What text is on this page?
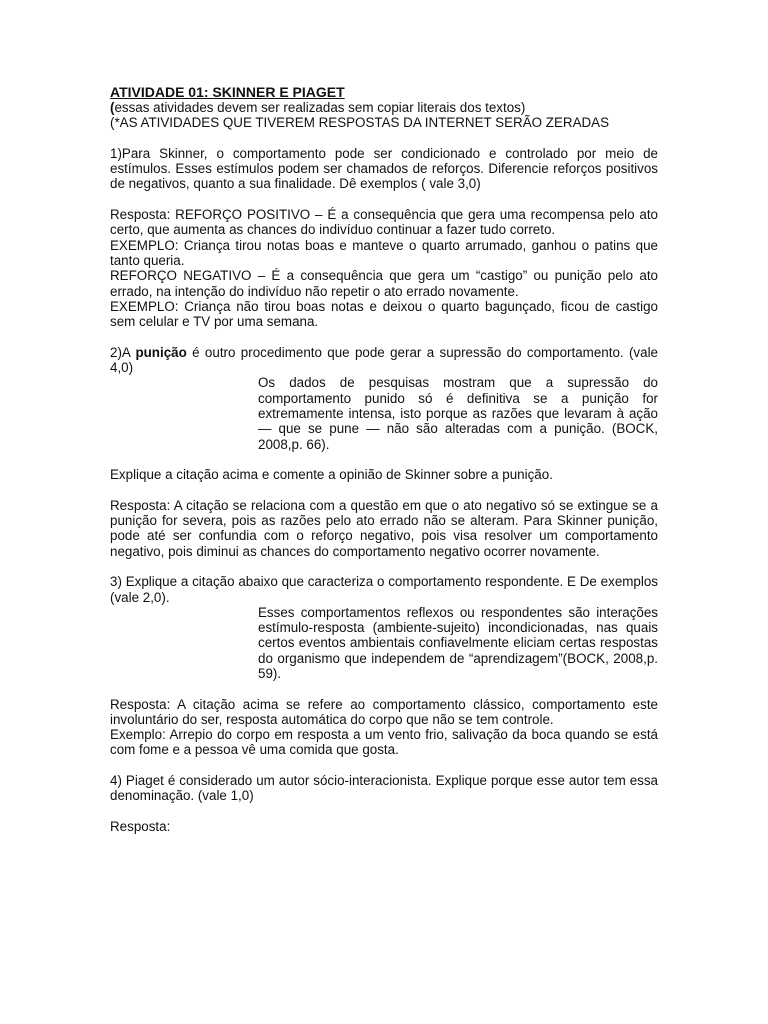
ATIVIDADE 01: SKINNER E PIAGET

(essas atividades devem ser realizadas sem copiar literais dos textos)

(*AS ATIVIDADES QUE TIVEREM RESPOSTAS DA INTERNET SERÃO ZERADAS

1)Para Skinner, o comportamento pode ser condicionado e controlado por meio de estímulos. Esses estímulos podem ser chamados de reforços. Diferencie reforços positivos de negativos, quanto a sua finalidade. Dê exemplos ( vale 3,0)

Resposta: REFORÇO POSITIVO – É a consequência que gera uma recompensa pelo ato certo, que aumenta as chances do indivíduo continuar a fazer tudo correto.

EXEMPLO: Criança tirou notas boas e manteve o quarto arrumado, ganhou o patins que tanto queria.

REFORÇO NEGATIVO – É a consequência que gera um “castigo” ou punição pelo ato errado, na intenção do indivíduo não repetir o ato errado novamente.

EXEMPLO: Criança não tirou boas notas e deixou o quarto bagunçado, ficou de castigo sem celular e TV por uma semana.

2)A punição é outro procedimento que pode gerar a supressão do comportamento. (vale 4,0)

Os dados de pesquisas mostram que a supressão do comportamento punido só é definitiva se a punição for extremamente intensa, isto porque as razões que levaram à ação — que se pune — não são alteradas com a punição. (BOCK, 2008,p. 66).

Explique a citação acima e comente a opinião de Skinner sobre a punição.

Resposta: A citação se relaciona com a questão em que o ato negativo só se extingue se a punição for severa, pois as razões pelo ato errado não se alteram. Para Skinner punição, pode até ser confundia com o reforço negativo, pois visa resolver um comportamento negativo, pois diminui as chances do comportamento negativo ocorrer novamente.

3) Explique a citação abaixo que caracteriza o comportamento respondente. E De exemplos (vale 2,0).

Esses comportamentos reflexos ou respondentes são interações estímulo-resposta (ambiente-sujeito) incondicionadas, nas quais certos eventos ambientais confiavelmente eliciam certas respostas do organismo que independem de “aprendizagem”(BOCK, 2008,p. 59).

Resposta: A citação acima se refere ao comportamento clássico, comportamento este involuntário do ser, resposta automática do corpo que não se tem controle.

Exemplo: Arrepio do corpo em resposta a um vento frio, salivação da boca quando se está com fome e a pessoa vê uma comida que gosta.

4) Piaget é considerado um autor sócio-interacionista. Explique porque esse autor tem essa denominação. (vale 1,0)

Resposta:
